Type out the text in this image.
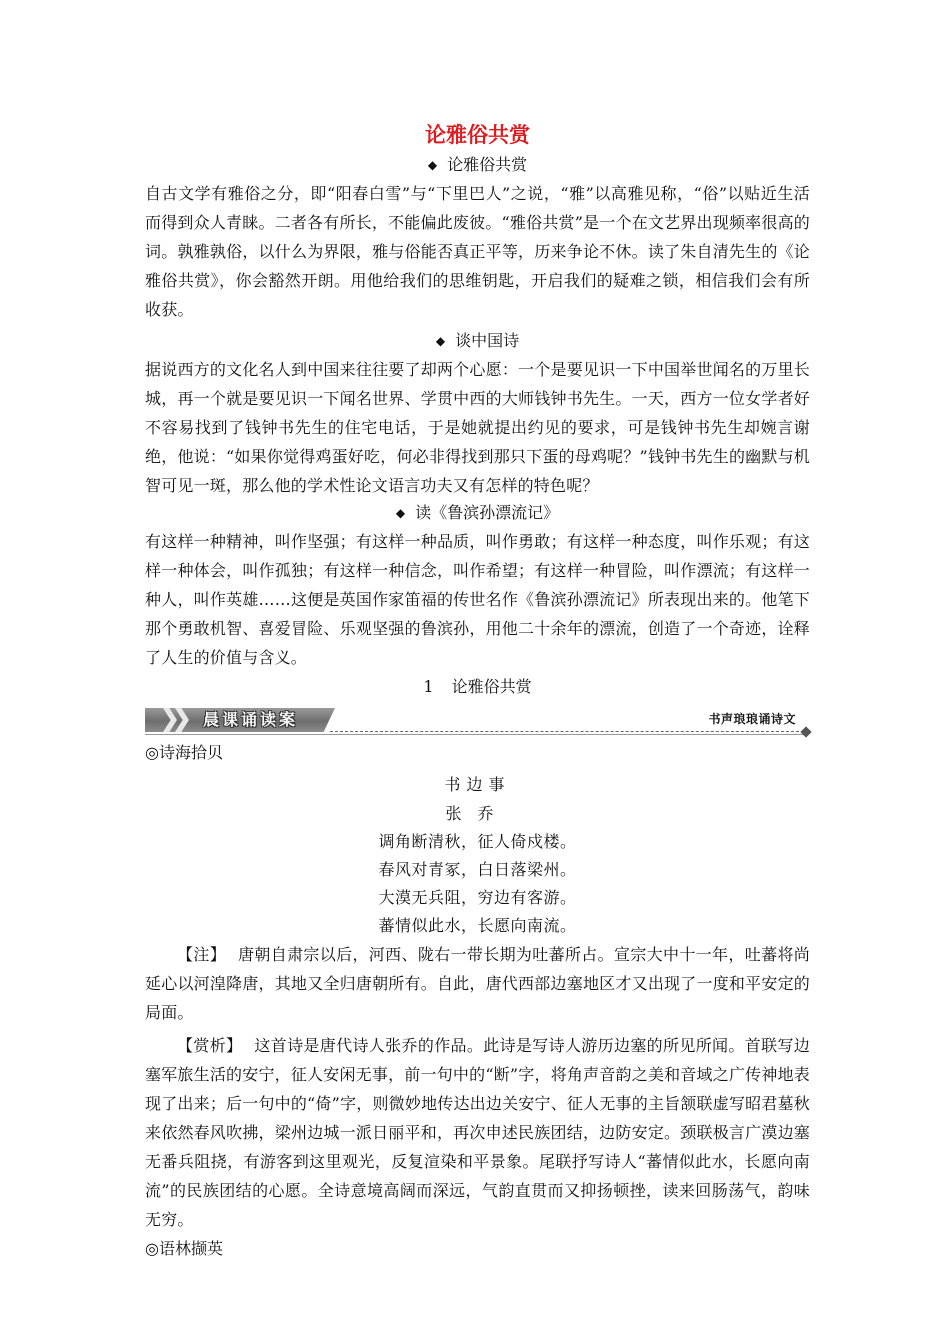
论雅俗共赏

◆ 论雅俗共赏

自古文学有雅俗之分，即“阳春白雪”与“下里巴人”之说，“雅”以高雅见称，“俗”以贴近生活而得到众人青睐。二者各有所长，不能偏此废彼。“雅俗共赏”是一个在文艺界出现频率很高的词。孰雅孰俗，以什么为界限，雅与俗能否真正平等，历来争论不休。读了朱自清先生的《论雅俗共赏》，你会豁然开朗。用他给我们的思维钥匙，开启我们的疑难之锁，相信我们会有所收获。

◆ 谈中国诗

据说西方的文化名人到中国来往往要了却两个心愿：一个是要见识一下中国举世闻名的万里长城，再一个就是要见识一下闻名世界、学贯中西的大师钱钟书先生。一天，西方一位女学者好不容易找到了钱钟书先生的住宅电话，于是她就提出约见的要求，可是钱钟书先生却婉言谢绝，他说：“如果你觉得鸡蛋好吃，何必非得找到那只下蛋的母鸡呢？”钱钟书先生的幽默与机智可见一斑，那么他的学术性论文语言功夫又有怎样的特色呢？

◆ 读《鲁滨孙漂流记》

有这样一种精神，叫作坚强；有这样一种品质，叫作勇敢；有这样一种态度，叫作乐观；有这样一种体会，叫作孤独；有这样一种信念，叫作希望；有这样一种冒险，叫作漂流；有这样一种人，叫作英雄……这便是英国作家笛福的传世名作《鲁滨孙漂流记》所表现出来的。他笔下那个勇敢机智、喜爱冒险、乐观坚强的鲁滨孙，用他二十余年的漂流，创造了一个奇迹，诠释了人生的价值与含义。

1 论雅俗共赏

晨课诵读案	书声琅琅诵诗文

◎诗海拾贝

书边事

张乔

调角断清秋，征人倚戍楼。

春风对青冢，白日落梁州。

大漠无兵阻，穷边有客游。

蕃情似此水，长愿向南流。

【注】 唐朝自肃宗以后，河西、陇右一带长期为吐蕃所占。宣宗大中十一年，吐蕃将尚延心以河湟降唐，其地又全归唐朝所有。自此，唐代西部边塞地区才又出现了一度和平安定的局面。

【赏析】 这首诗是唐代诗人张乔的作品。此诗是写诗人游历边塞的所见所闻。首联写边塞军旅生活的安宁，征人安闲无事，前一句中的“断”字，将角声音韵之美和音域之广传神地表现了出来；后一句中的“倚”字，则微妙地传达出边关安宁、征人无事的主旨颔联虚写昭君墓秋来依然春风吹拂，梁州边城一派日丽平和，再次申述民族团结，边防安定。颈联极言广漠边塞无番兵阻挠，有游客到这里观光，反复渲染和平景象。尾联抒写诗人“蕃情似此水，长愿向南流”的民族团结的心愿。全诗意境高阔而深远，气韵直贯而又抑扬顿挫，读来回肠荡气，韵味无穷。

◎语林撷英
